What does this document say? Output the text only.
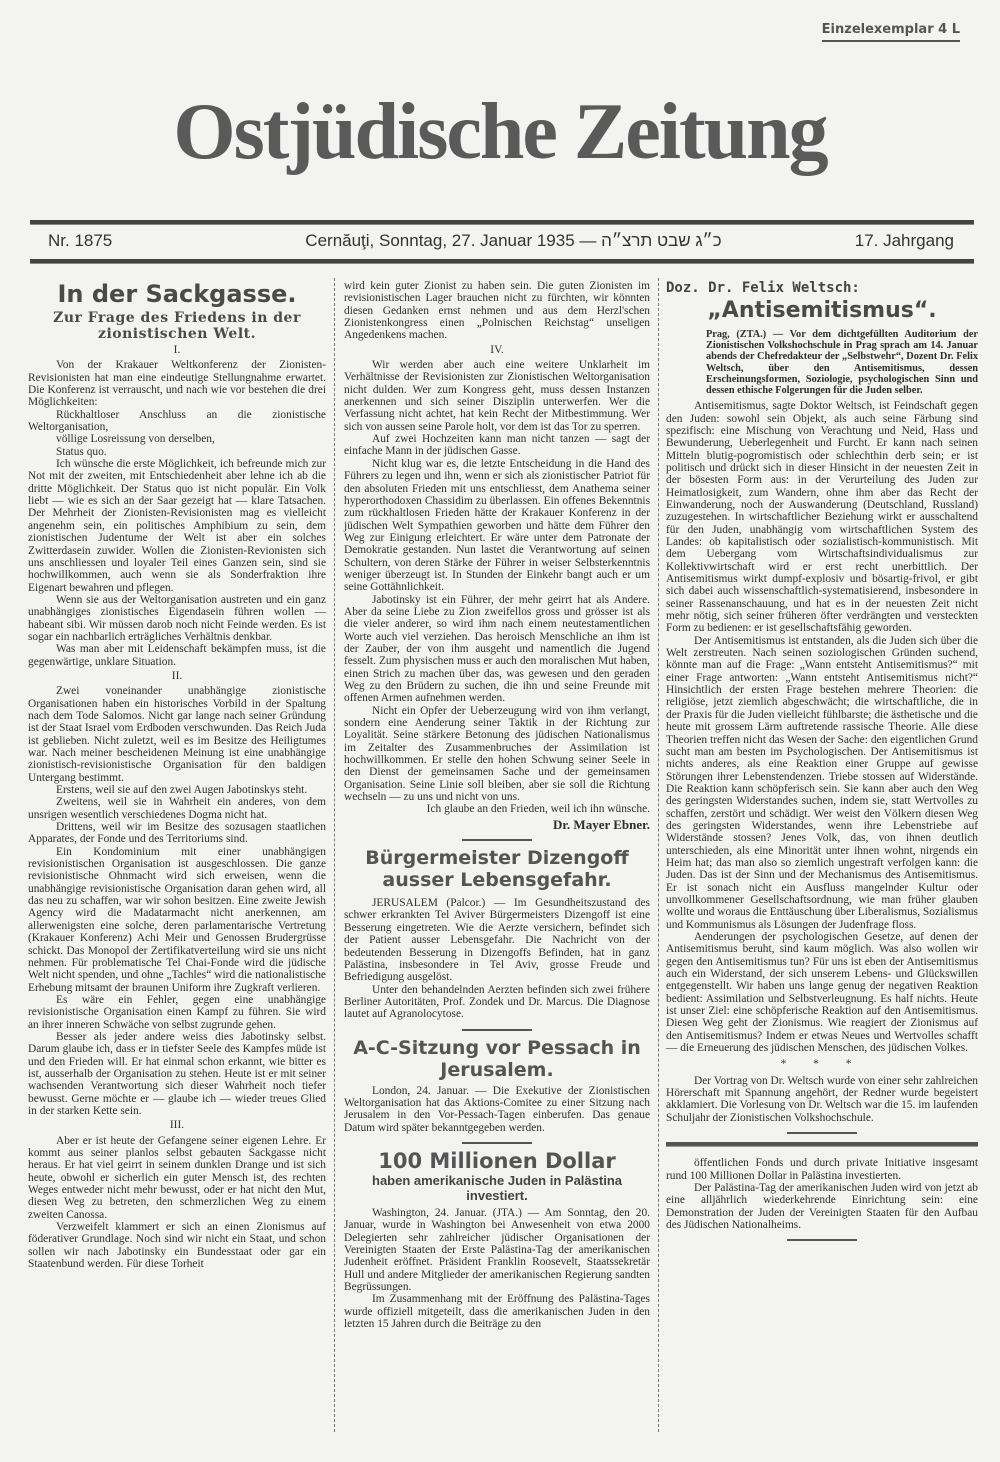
Einzelexemplar 4 L
Ostjüdische Zeitung
Nr. 1875	Cernăuţi, Sonntag, 27. Januar 1935 — כ״ג שבט תרצ״ה	17. Jahrgang
In der Sackgasse.
Zur Frage des Friedens in der zionistischen Welt.
I.

Von der Krakauer Weltkonferenz der Zionisten-Revisionisten hat man eine eindeutige Stellungnahme erwartet. Die Konferenz ist verrauscht, und nach wie vor bestehen die drei Möglichkeiten:

Rückhaltloser Anschluss an die zionistische Weltorganisation,

völlige Losreissung von derselben,

Status quo.

Ich wünsche die erste Möglichkeit, ich befreunde mich zur Not mit der zweiten, mit Entschiedenheit aber lehne ich ab die dritte Möglichkeit. Der Status quo ist nicht populär. Ein Volk liebt — wie es sich an der Saar gezeigt hat — klare Tatsachen. Der Mehrheit der Zionisten-Revisionisten mag es vielleicht angenehm sein, ein politisches Amphibium zu sein, dem zionistischen Judentume der Welt ist aber ein solches Zwitterdasein zuwider. Wollen die Zionisten-Revionisten sich uns anschliessen und loyaler Teil eines Ganzen sein, sind sie hochwillkommen, auch wenn sie als Sonderfraktion ihre Eigenart bewahren und pflegen.

Wenn sie aus der Weltorganisation austreten und ein ganz unabhängiges zionistisches Eigendasein führen wollen — habeant sibi. Wir müssen darob noch nicht Feinde werden. Es ist sogar ein nachbarlich erträgliches Verhältnis denkbar.

Was man aber mit Leidenschaft bekämpfen muss, ist die gegenwärtige, unklare Situation.

II.

Zwei voneinander unabhängige zionistische Organisationen haben ein historisches Vorbild in der Spaltung nach dem Tode Salomos. Nicht gar lange nach seiner Gründung ist der Staat Israel vom Erdboden verschwunden. Das Reich Juda ist geblieben. Nicht zuletzt, weil es im Besitze des Heiligtumes war. Nach meiner bescheidenen Meinung ist eine unabhängige zionistisch-revisionistische Organisation für den baldigen Untergang bestimmt.

Erstens, weil sie auf den zwei Augen Jabotinskys steht.

Zweitens, weil sie in Wahrheit ein anderes, von dem unsrigen wesentlich verschiedenes Dogma nicht hat.

Drittens, weil wir im Besitze des sozusagen staatlichen Apparates, der Fonde und des Territoriums sind.

Ein Kondominium mit einer unabhängigen revisionistischen Organisation ist ausgeschlossen. Die ganze revisionistische Ohnmacht wird sich erweisen, wenn die unabhängige revisionistische Organisation daran gehen wird, all das neu zu schaffen, war wir sohon besitzen. Eine zweite Jewish Agency wird die Madatarmacht nicht anerkennen, am allerwenigsten eine solche, deren parlamentarische Vertretung (Krakauer Konferenz) Achi Meir und Genossen Brudergrüsse schickt. Das Monopol der Zertifikatverteilung wird sie uns nicht nehmen. Für problematische Tel Chai-Fonde wird die jüdische Welt nicht spenden, und ohne „Tachles“ wird die nationalistische Erhebung mitsamt der braunen Uniform ihre Zugkraft verlieren.

Es wäre ein Fehler, gegen eine unabhängige revisionistische Organisation einen Kampf zu führen. Sie wird an ihrer inneren Schwäche von selbst zugrunde gehen.

Besser als jeder andere weiss dies Jabotinsky selbst. Darum glaube ich, dass er in tiefster Seele des Kampfes müde ist und den Frieden will. Er hat einmal schon erkannt, wie bitter es ist, ausserhalb der Organisation zu stehen. Heute ist er mit seiner wachsenden Verantwortung sich dieser Wahrheit noch tiefer bewusst. Gerne möchte er — glaube ich — wieder treues Glied in der starken Kette sein.

III.

Aber er ist heute der Gefangene seiner eigenen Lehre. Er kommt aus seiner planlos selbst gebauten Sackgasse nicht heraus. Er hat viel geirrt in seinem dunklen Drange und ist sich heute, obwohl er sicherlich ein guter Mensch ist, des rechten Weges entweder nicht mehr bewusst, oder er hat nicht den Mut, diesen Weg zu betreten, den schmerzlichen Weg zu einem zweiten Canossa.

Verzweifelt klammert er sich an einen Zionismus auf föderativer Grundlage. Noch sind wir nicht ein Staat, und schon sollen wir nach Jabotinsky ein Bundesstaat oder gar ein Staatenbund werden. Für diese Torheit

wird kein guter Zionist zu haben sein. Die guten Zionisten im revisionistischen Lager brauchen nicht zu fürchten, wir könnten diesen Gedanken ernst nehmen und aus dem Herzl'schen Zionistenkongress einen „Polnischen Reichstag“ unseligen Angedenkens machen.

IV.

Wir werden aber auch eine weitere Unklarheit im Verhältnisse der Revisionisten zur Zionistischen Weltorganisation nicht dulden. Wer zum Kongress geht, muss dessen Instanzen anerkennen und sich seiner Disziplin unterwerfen. Wer die Verfassung nicht achtet, hat kein Recht der Mitbestimmung. Wer sich von aussen seine Parole holt, vor dem ist das Tor zu sperren.

Auf zwei Hochzeiten kann man nicht tanzen — sagt der einfache Mann in der jüdischen Gasse.

Nicht klug war es, die letzte Entscheidung in die Hand des Führers zu legen und ihn, wenn er sich als zionistischer Patriot für den absoluten Frieden mit uns entschliesst, dem Anathema seiner hyperorthodoxen Chassidim zu überlassen. Ein offenes Bekenntnis zum rückhaltlosen Frieden hätte der Krakauer Konferenz in der jüdischen Welt Sympathien geworben und hätte dem Führer den Weg zur Einigung erleichtert. Er wäre unter dem Patronate der Demokratie gestanden. Nun lastet die Verantwortung auf seinen Schultern, von deren Stärke der Führer in weiser Selbsterkenntnis weniger überzeugt ist. In Stunden der Einkehr bangt auch er um seine Gottähnlichkeit.

Jabotinsky ist ein Führer, der mehr geirrt hat als Andere. Aber da seine Liebe zu Zion zweifellos gross und grösser ist als die vieler anderer, so wird ihm nach einem neutestamentlichen Worte auch viel verziehen. Das heroisch Menschliche an ihm ist der Zauber, der von ihm ausgeht und namentlich die Jugend fesselt. Zum physischen muss er auch den moralischen Mut haben, einen Strich zu machen über das, was gewesen und den geraden Weg zu den Brüdern zu suchen, die ihn und seine Freunde mit offenen Armen aufnehmen werden.

Nicht ein Opfer der Ueberzeugung wird von ihm verlangt, sondern eine Aenderung seiner Taktik in der Richtung zur Loyalität. Seine stärkere Betonung des jüdischen Nationalismus im Zeitalter des Zusammenbruches der Assimilation ist hochwillkommen. Er stelle den hohen Schwung seiner Seele in den Dienst der gemeinsamen Sache und der gemeinsamen Organisation. Seine Linie soll bleiben, aber sie soll die Richtung wechseln — zu uns und nicht von uns.

Ich glaube an den Frieden, weil ich ihn wünsche.
Dr. Mayer Ebner.
Bürgermeister Dizengoff ausser Lebensgefahr.

JERUSALEM (Palcor.) — Im Gesundheitszustand des schwer erkrankten Tel Aviver Bürgermeisters Dizengoff ist eine Besserung eingetreten. Wie die Aerzte versichern, befindet sich der Patient ausser Lebensgefahr. Die Nachricht von der bedeutenden Besserung in Dizengoffs Befinden, hat in ganz Palästina, insbesondere in Tel Aviv, grosse Freude und Befriedigung ausgelöst.

Unter den behandelnden Aerzten befinden sich zwei frühere Berliner Autoritäten, Prof. Zondek und Dr. Marcus. Die Diagnose lautet auf Agranolocytose.

A-C-Sitzung vor Pessach in Jerusalem.

London, 24. Januar. — Die Exekutive der Zionistischen Weltorganisation hat das Aktions-Comitee zu einer Sitzung nach Jerusalem in den Vor-Pessach-Tagen einberufen. Das genaue Datum wird später bekanntgegeben werden.

100 Millionen Dollar
haben amerikanische Juden in Palästina investiert.

Washington, 24. Januar. (JTA.) — Am Sonntag, den 20. Januar, wurde in Washington bei Anwesenheit von etwa 2000 Delegierten sehr zahlreicher jüdischer Organisationen der Vereinigten Staaten der Erste Palästina-Tag der amerikanischen Judenheit eröffnet. Präsident Franklin Roosevelt, Staatssekretär Hull und andere Mitglieder der amerikanischen Regierung sandten Begrüssungen.

Im Zusammenhang mit der Eröffnung des Palästina-Tages wurde offiziell mitgeteilt, dass die amerikanischen Juden in den letzten 15 Jahren durch die Beiträge zu den

Doz. Dr. Felix Weltsch:
„Antisemitismus“.
Prag, (ZTA.) — Vor dem dichtgefüllten Auditorium der Zionistischen Volkshochschule in Prag sprach am 14. Januar abends der Chefredakteur der „Selbstwehr“, Dozent Dr. Felix Weltsch, über den Antisemitismus, dessen Erscheinungsformen, Soziologie, psychologischen Sinn und dessen ethische Folgerungen für die Juden selber.

Antisemitismus, sagte Doktor Weltsch, ist Feindschaft gegen den Juden: sowohl sein Objekt, als auch seine Färbung sind spezifisch: eine Mischung von Verachtung und Neid, Hass und Bewunderung, Ueberlegenheit und Furcht. Er kann nach seinen Mitteln blutig-pogromistisch oder schlechthin derb sein; er ist politisch und drückt sich in dieser Hinsicht in der neuesten Zeit in der bösesten Form aus: in der Verurteilung des Juden zur Heimatlosigkeit, zum Wandern, ohne ihm aber das Recht der Einwanderung, noch der Auswanderung (Deutschland, Russland) zuzugestehen. In wirtschaftlicher Beziehung wirkt er ausschaltend für den Juden, unabhängig vom wirtschaftlichen System des Landes: ob kapitalistisch oder sozialistisch-kommunistisch. Mit dem Uebergang vom Wirtschaftsindividualismus zur Kollektivwirtschaft wird er erst recht unerbittlich. Der Antisemitismus wirkt dumpf-explosiv und bösartig-frivol, er gibt sich dabei auch wissenschaftlich-systematisierend, insbesondere in seiner Rassenanschauung, und hat es in der neuesten Zeit nicht mehr nötig, sich seiner früheren öfter verdrängten und versteckten Form zu bedienen: er ist gesellschaftsfähig geworden.

Der Antisemitismus ist entstanden, als die Juden sich über die Welt zerstreuten. Nach seinen soziologischen Gründen suchend, könnte man auf die Frage: „Wann entsteht Antisemitismus?“ mit einer Frage antworten: „Wann entsteht Antisemitismus nicht?“ Hinsichtlich der ersten Frage bestehen mehrere Theorien: die religiöse, jetzt ziemlich abgeschwächt; die wirtschaftliche, die in der Praxis für die Juden vielleicht fühlbarste; die ästhetische und die heute mit grossem Lärm auftretende rassische Theorie. Alle diese Theorien treffen nicht das Wesen der Sache: den eigentlichen Grund sucht man am besten im Psychologischen. Der Antisemitismus ist nichts anderes, als eine Reaktion einer Gruppe auf gewisse Störungen ihrer Lebenstendenzen. Triebe stossen auf Widerstände. Die Reaktion kann schöpferisch sein. Sie kann aber auch den Weg des geringsten Widerstandes suchen, indem sie, statt Wertvolles zu schaffen, zerstört und schädigt. Wer weist den Völkern diesen Weg des geringsten Widerstandes, wenn ihre Lebenstriebe auf Widerstände stossen? Jenes Volk, das, von ihnen deutlich unterschieden, als eine Minorität unter ihnen wohnt, nirgends ein Heim hat; das man also so ziemlich ungestraft verfolgen kann: die Juden. Das ist der Sinn und der Mechanismus des Antisemitismus. Er ist sonach nicht ein Ausfluss mangelnder Kultur oder unvollkommener Gesellschaftsordnung, wie man früher glauben wollte und woraus die Enttäuschung über Liberalismus, Sozialismus und Kommunismus als Lösungen der Judenfrage floss.

Aenderungen der psychologischen Gesetze, auf denen der Antisemitismus beruht, sind kaum möglich. Was also wollen wir gegen den Antisemitismus tun? Für uns ist eben der Antisemitismus auch ein Widerstand, der sich unserem Lebens- und Glückswillen entgegenstellt. Wir haben uns lange genug der negativen Reaktion bedient: Assimilation und Selbstverleugnung. Es half nichts. Heute ist unser Ziel: eine schöpferische Reaktion auf den Antisemitismus. Diesen Weg geht der Zionismus. Wie reagiert der Zionismus auf den Antisemitismus? Indem er etwas Neues und Wertvolles schafft — die Erneuerung des jüdischen Menschen, des jüdischen Volkes.

* * *

Der Vortrag von Dr. Weltsch wurde von einer sehr zahlreichen Hörerschaft mit Spannung angehört, der Redner wurde begeistert akklamiert. Die Vorlesung von Dr. Weltsch war die 15. im laufenden Schuljahr der Zionistischen Volkshochschule.

öffentlichen Fonds und durch private Initiative insgesamt rund 100 Millionen Dollar in Palästina investierten.

Der Palästina-Tag der amerikanischen Juden wird von jetzt ab eine alljährlich wiederkehrende Einrichtung sein: eine Demonstration der Juden der Vereinigten Staaten für den Aufbau des Jüdischen Nationalheims.
